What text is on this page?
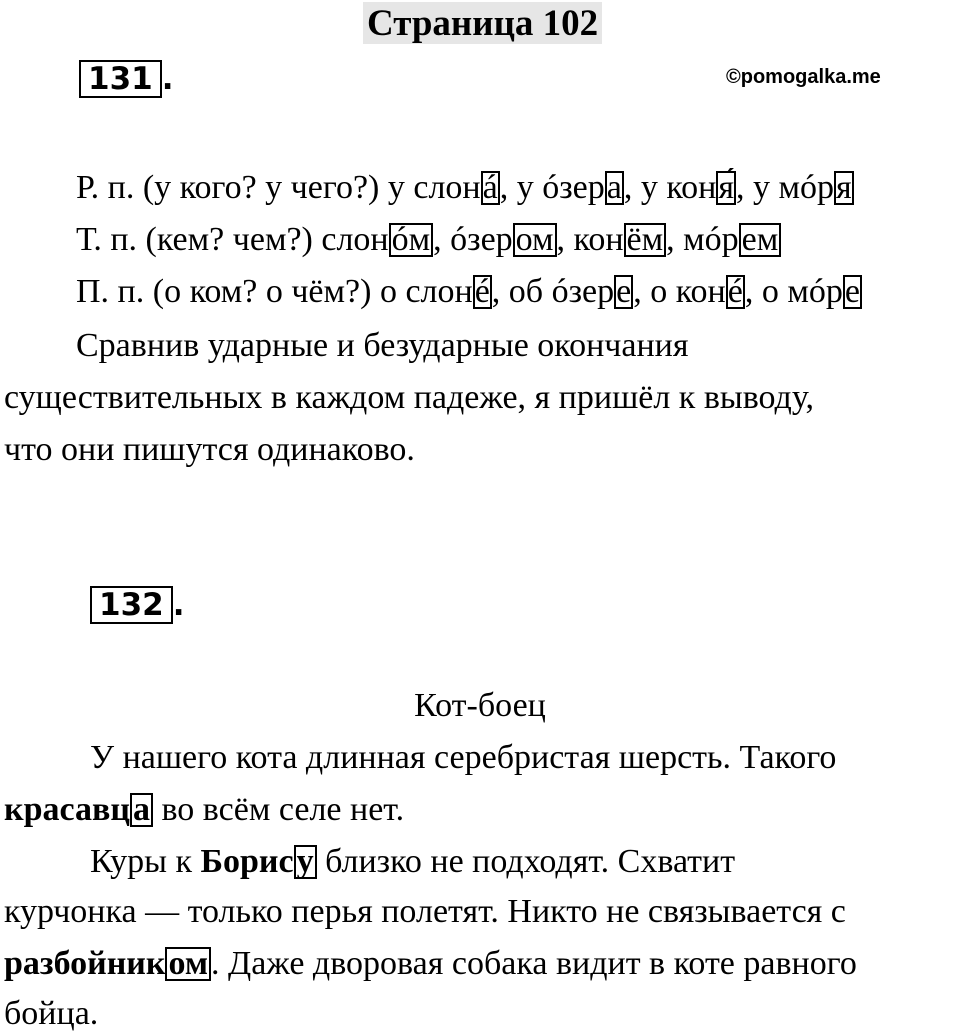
Страница 102
131 .	©pomogalka.me
Р. п. (у кого? у чего?) у слонá, у óзера, у коня́, у мóря
Т. п. (кем? чем?) слонóм, óзером, конём, мóрем
П. п. (о ком? о чём?) о слонé, об óзере, о конé, о мóре
Сравнив ударные и безударные окончания
существительных в каждом падеже, я пришёл к выводу,
что они пишутся одинаково.
132 .
Кот-боец
У нашего кота длинная серебристая шерсть. Такого
красавца во всём селе нет.
Куры к Борису близко не подходят. Схватит
курчонка — только перья полетят. Никто не связывается с
разбойником. Даже дворовая собака видит в коте равного
бойца.
